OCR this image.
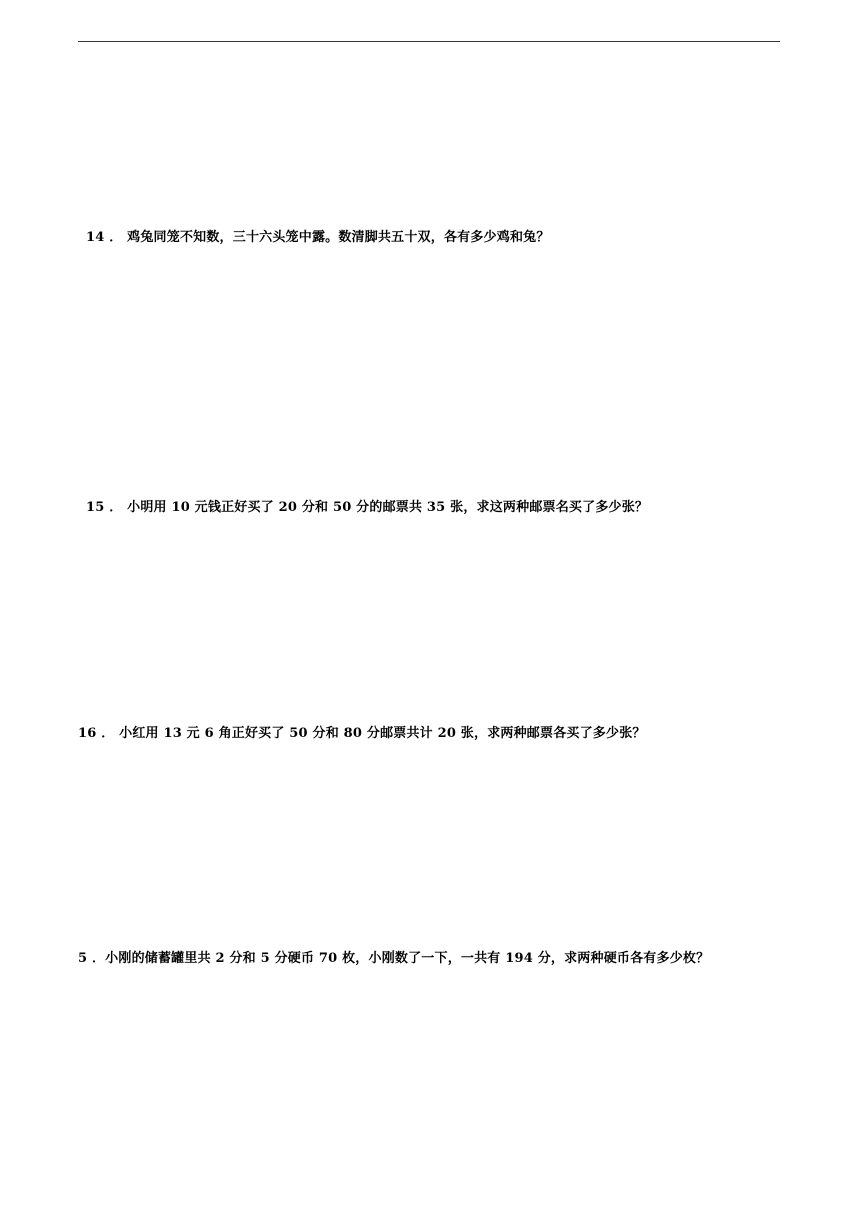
14 ． 鸡兔同笼不知数，三十六头笼中露。数清脚共五十双，各有多少鸡和兔？
15 ． 小明用 10 元钱正好买了 20 分和 50 分的邮票共 35 张，求这两种邮票名买了多少张？
16 ． 小红用 13 元 6 角正好买了 50 分和 80 分邮票共计 20 张，求两种邮票各买了多少张？
5 ．小刚的储蓄罐里共 2 分和 5 分硬币 70 枚，小刚数了一下，一共有 194 分，求两种硬币各有多少枚？
